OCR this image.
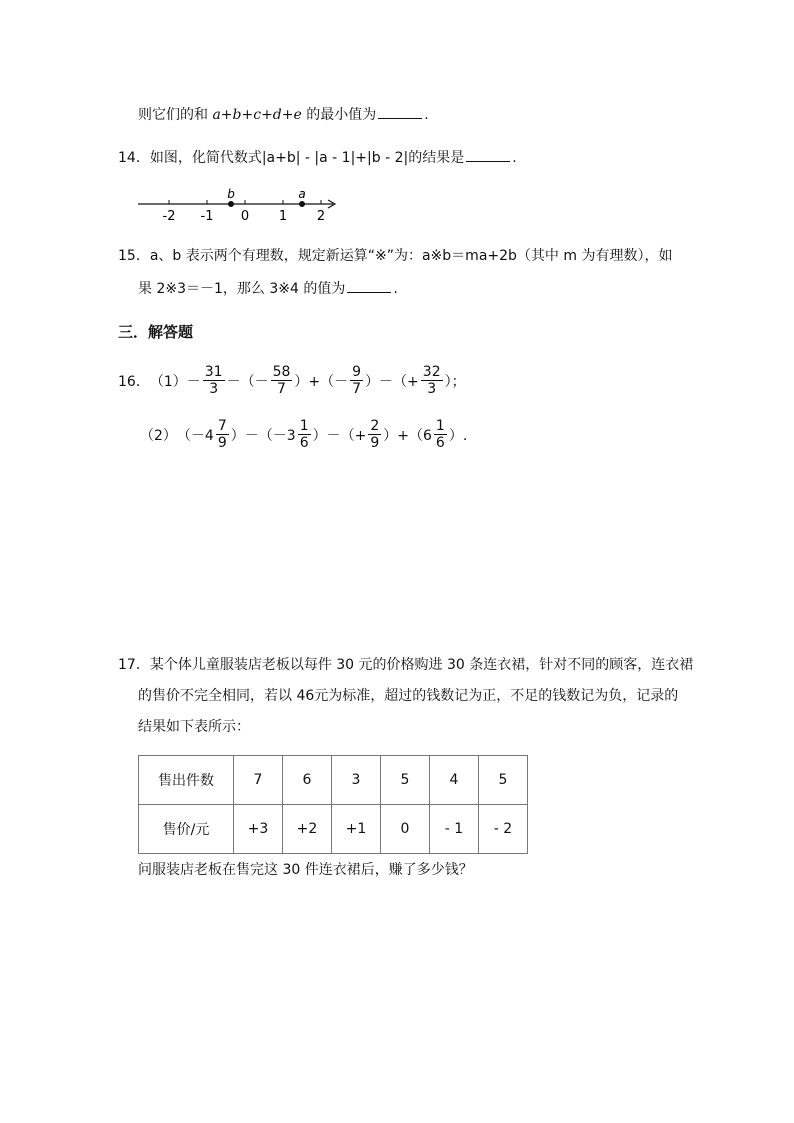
则它们的和 a+b+c+d+e 的最小值为	.
14．如图，化简代数式|a+b| - |a - 1|+|b - 2|的结果是	.
-2 -1 0 1 2
b	a
15．a、b 表示两个有理数，规定新运算“※”为：a※b＝ma+2b（其中 m 为有理数），如
果 2※3＝－1，那么 3※4 的值为	.
三．解答题
16． $(1) - \frac{31}{3}$ －（－ $\frac{58}{7}$ ）+（－ $\frac{9}{7}$ ）－（+ $\frac{32}{3}$ ）；
（2） $(-4 \frac{7}{9} )-(-3 \frac{1}{6}$ ）－（+ $\frac{2}{9} )+(6 \frac{1}{6}$ ）.
17．某个体儿童服装店老板以每件 30 元的价格购进 30 条连衣裙，针对不同的顾客，连衣裙
的售价不完全相同，若以 46元为标准，超过的钱数记为正，不足的钱数记为负，记录的
结果如下表所示：
售出件数	7	6	3	5	4	5
售价/元	+3	+2	+1	0	- 1	- 2
问服装店老板在售完这 30 件连衣裙后，赚了多少钱？
